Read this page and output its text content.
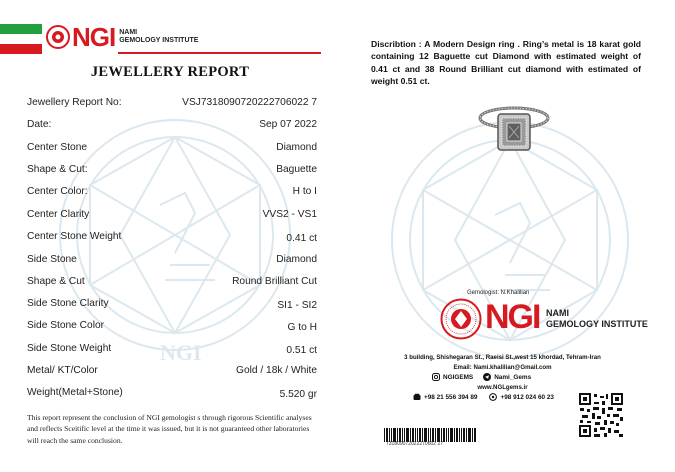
NGI
NGI NAMI
GEMOLOGY INSTITUTE
JEWELLERY REPORT
Jewellery Report No:	VSJ7318090720222706022 7
Date:	Sep 07 2022
Center Stone	Diamond
Shape & Cut:	Baguette
Center Color:	H to I
Center Clarity	VVS2 - VS1
Center Stone Weight	0.41 ct
Side Stone	Diamond
Shape & Cut	Round Brilliant Cut
Side Stone Clarity	SI1 - SI2
Side Stone Color	G to H
Side Stone Weight	0.51 ct
Metal/ KT/Color	Gold / 18k / White
Weight(Metal+Stone)	5.520 gr
This report represent the conclusion of NGI gemologist s through rigorous Scientific analyses and reflects Sceitific level at the time it was issued, but it is not guaranteed other laboratories will reach the same conclusion.
Discribtion : A Modern Design ring . Ring’s metal is 18 karat gold containing 12 Baguette cut Diamond with estimated weight of 0.41 ct and 38 Round Brilliant cut diamond with estimated of weight 0.51 ct.
Gemologist: N.Khalilian
NGI NAMI
GEMOLOGY INSTITUTE
3 building, Shishegaran St., Raeisi St.,west 15 khordad, Tehram-Iran
Email: Nami.khalilian@Gmail.com
NGIGEMS	Nami_Gems
www.NGLgems.ir
+98 21 556 394 89	+98 912 024 60 23
731809072022270602 27
